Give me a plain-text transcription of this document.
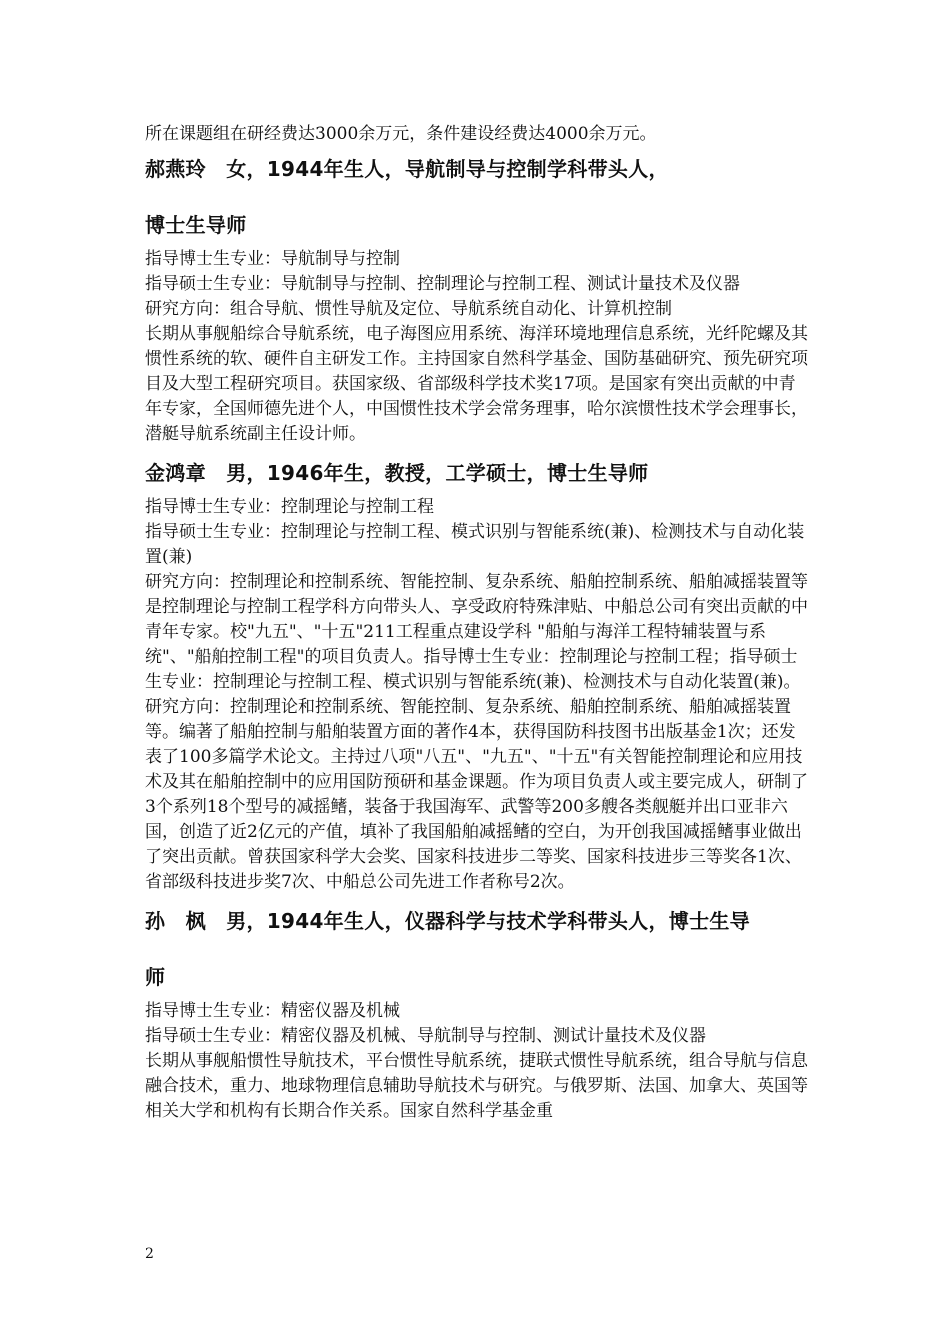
所在课题组在研经费达3000余万元，条件建设经费达4000余万元。

郝燕玲　女，1944年生人，导航制导与控制学科带头人，

博士生导师

指导博士生专业：导航制导与控制

指导硕士生专业：导航制导与控制、控制理论与控制工程、测试计量技术及仪器

研究方向：组合导航、惯性导航及定位、导航系统自动化、计算机控制

长期从事舰船综合导航系统，电子海图应用系统、海洋环境地理信息系统，光纤陀螺及其惯性系统的软、硬件自主研发工作。主持国家自然科学基金、国防基础研究、预先研究项目及大型工程研究项目。获国家级、省部级科学技术奖17项。是国家有突出贡献的中青年专家，全国师德先进个人，中国惯性技术学会常务理事，哈尔滨惯性技术学会理事长，潜艇导航系统副主任设计师。

金鸿章　男，1946年生，教授，工学硕士，博士生导师

指导博士生专业：控制理论与控制工程

指导硕士生专业：控制理论与控制工程、模式识别与智能系统(兼)、检测技术与自动化装置(兼)

研究方向：控制理论和控制系统、智能控制、复杂系统、船舶控制系统、船舶减摇装置等

是控制理论与控制工程学科方向带头人、享受政府特殊津贴、中船总公司有突出贡献的中青年专家。校"九五"、"十五"211工程重点建设学科 "船舶与海洋工程特辅装置与系统"、"船舶控制工程"的项目负责人。指导博士生专业：控制理论与控制工程；指导硕士生专业：控制理论与控制工程、模式识别与智能系统(兼)、检测技术与自动化装置(兼)。研究方向：控制理论和控制系统、智能控制、复杂系统、船舶控制系统、船舶减摇装置等。编著了船舶控制与船舶装置方面的著作4本，获得国防科技图书出版基金1次；还发表了100多篇学术论文。主持过八项"八五"、"九五"、"十五"有关智能控制理论和应用技术及其在船舶控制中的应用国防预研和基金课题。作为项目负责人或主要完成人，研制了3个系列18个型号的减摇鳍，装备于我国海军、武警等200多艘各类舰艇并出口亚非六国，创造了近2亿元的产值，填补了我国船舶减摇鳍的空白，为开创我国减摇鳍事业做出了突出贡献。曾获国家科学大会奖、国家科技进步二等奖、国家科技进步三等奖各1次、省部级科技进步奖7次、中船总公司先进工作者称号2次。

孙　枫　男，1944年生人，仪器科学与技术学科带头人，博士生导

师

指导博士生专业：精密仪器及机械

指导硕士生专业：精密仪器及机械、导航制导与控制、测试计量技术及仪器

长期从事舰船惯性导航技术，平台惯性导航系统，捷联式惯性导航系统，组合导航与信息融合技术，重力、地球物理信息辅助导航技术与研究。与俄罗斯、法国、加拿大、英国等相关大学和机构有长期合作关系。国家自然科学基金重

2
